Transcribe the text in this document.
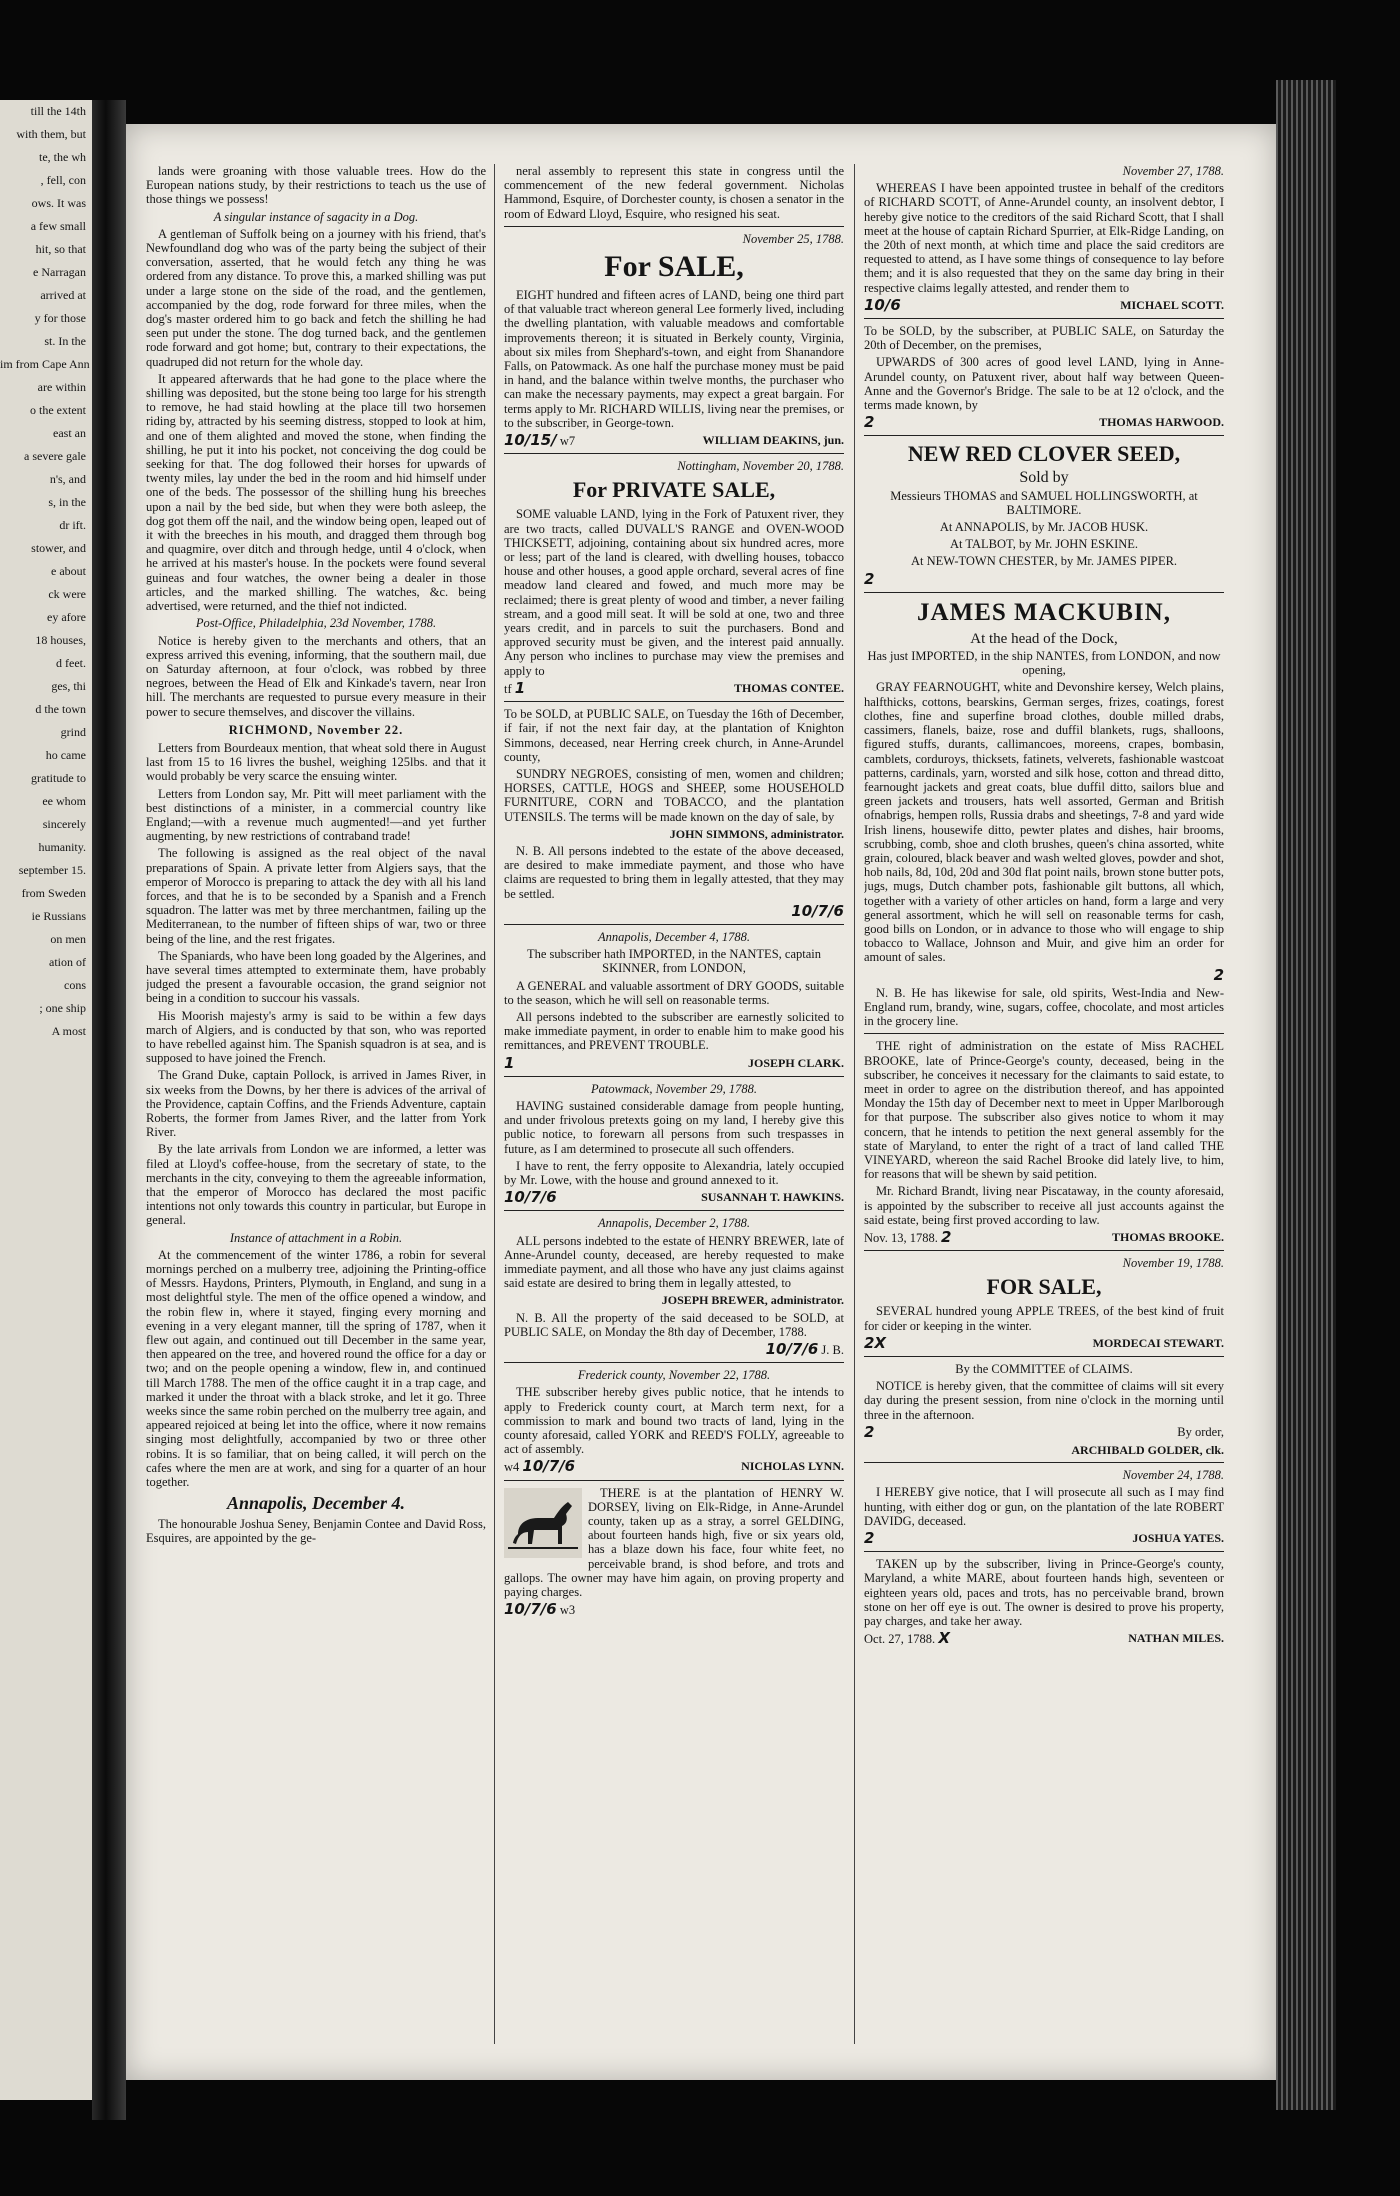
till the 14th
with them, but
te, the wh
, fell, con
ows. It was
a few small
hit, so that
e Narragan
arrived at
y for those
st. In the
im from Cape Ann
are within
o the extent
east an
a severe gale
n's, and
s, in the
dr ift.
stower, and
e about
ck were
ey afore
18 houses,
d feet.
ges, thi
d the town
grind
ho came
gratitude to
ee whom
sincerely
humanity.
september 15.
from Sweden
ie Russians
on men
ation of
cons
; one ship
A most

lands were groaning with those valuable trees. How do the European nations study, by their restrictions to teach us the use of those things we possess!

A singular instance of sagacity in a Dog.

A gentleman of Suffolk being on a journey with his friend, that's Newfoundland dog who was of the party being the subject of their conversation, asserted, that he would fetch any thing he was ordered from any distance. To prove this, a marked shilling was put under a large stone on the side of the road, and the gentlemen, accompanied by the dog, rode forward for three miles, when the dog's master ordered him to go back and fetch the shilling he had seen put under the stone. The dog turned back, and the gentlemen rode forward and got home; but, contrary to their expectations, the quadruped did not return for the whole day.

It appeared afterwards that he had gone to the place where the shilling was deposited, but the stone being too large for his strength to remove, he had staid howling at the place till two horsemen riding by, attracted by his seeming distress, stopped to look at him, and one of them alighted and moved the stone, when finding the shilling, he put it into his pocket, not conceiving the dog could be seeking for that. The dog followed their horses for upwards of twenty miles, lay under the bed in the room and hid himself under one of the beds. The possessor of the shilling hung his breeches upon a nail by the bed side, but when they were both asleep, the dog got them off the nail, and the window being open, leaped out of it with the breeches in his mouth, and dragged them through bog and quagmire, over ditch and through hedge, until 4 o'clock, when he arrived at his master's house. In the pockets were found several guineas and four watches, the owner being a dealer in those articles, and the marked shilling. The watches, &c. being advertised, were returned, and the thief not indicted.

Post-Office, Philadelphia, 23d November, 1788.

Notice is hereby given to the merchants and others, that an express arrived this evening, informing, that the southern mail, due on Saturday afternoon, at four o'clock, was robbed by three negroes, between the Head of Elk and Kinkade's tavern, near Iron hill. The merchants are requested to pursue every measure in their power to secure themselves, and discover the villains.

RICHMOND, November 22.

Letters from Bourdeaux mention, that wheat sold there in August last from 15 to 16 livres the bushel, weighing 125lbs. and that it would probably be very scarce the ensuing winter.

Letters from London say, Mr. Pitt will meet parliament with the best distinctions of a minister, in a commercial country like England;—with a revenue much augmented!—and yet further augmenting, by new restrictions of contraband trade!

The following is assigned as the real object of the naval preparations of Spain. A private letter from Algiers says, that the emperor of Morocco is preparing to attack the dey with all his land forces, and that he is to be seconded by a Spanish and a French squadron. The latter was met by three merchantmen, failing up the Mediterranean, to the number of fifteen ships of war, two or three being of the line, and the rest frigates.

The Spaniards, who have been long goaded by the Algerines, and have several times attempted to exterminate them, have probably judged the present a favourable occasion, the grand seignior not being in a condition to succour his vassals.

His Moorish majesty's army is said to be within a few days march of Algiers, and is conducted by that son, who was reported to have rebelled against him. The Spanish squadron is at sea, and is supposed to have joined the French.

The Grand Duke, captain Pollock, is arrived in James River, in six weeks from the Downs, by her there is advices of the arrival of the Providence, captain Coffins, and the Friends Adventure, captain Roberts, the former from James River, and the latter from York River.

By the late arrivals from London we are informed, a letter was filed at Lloyd's coffee-house, from the secretary of state, to the merchants in the city, conveying to them the agreeable information, that the emperor of Morocco has declared the most pacific intentions not only towards this country in particular, but Europe in general.

Instance of attachment in a Robin.

At the commencement of the winter 1786, a robin for several mornings perched on a mulberry tree, adjoining the Printing-office of Messrs. Haydons, Printers, Plymouth, in England, and sung in a most delightful style. The men of the office opened a window, and the robin flew in, where it stayed, finging every morning and evening in a very elegant manner, till the spring of 1787, when it flew out again, and continued out till December in the same year, then appeared on the tree, and hovered round the office for a day or two; and on the people opening a window, flew in, and continued till March 1788. The men of the office caught it in a trap cage, and marked it under the throat with a black stroke, and let it go. Three weeks since the same robin perched on the mulberry tree again, and appeared rejoiced at being let into the office, where it now remains singing most delightfully, accompanied by two or three other robins. It is so familiar, that on being called, it will perch on the cafes where the men are at work, and sing for a quarter of an hour together.

Annapolis, December 4.

The honourable Joshua Seney, Benjamin Contee and David Ross, Esquires, are appointed by the ge-

neral assembly to represent this state in congress until the commencement of the new federal government. Nicholas Hammond, Esquire, of Dorchester county, is chosen a senator in the room of Edward Lloyd, Esquire, who resigned his seat.

November 25, 1788.

For SALE,

EIGHT hundred and fifteen acres of LAND, being one third part of that valuable tract whereon general Lee formerly lived, including the dwelling plantation, with valuable meadows and comfortable improvements thereon; it is situated in Berkely county, Virginia, about six miles from Shephard's-town, and eight from Shanandore Falls, on Patowmack. As one half the purchase money must be paid in hand, and the balance within twelve months, the purchaser who can make the necessary payments, may expect a great bargain. For terms apply to Mr. RICHARD WILLIS, living near the premises, or to the subscriber, in George-town.

10/15/ w7	WILLIAM DEAKINS, jun.

Nottingham, November 20, 1788.

For PRIVATE SALE,

SOME valuable LAND, lying in the Fork of Patuxent river, they are two tracts, called DUVALL'S RANGE and OVEN-WOOD THICKSETT, adjoining, containing about six hundred acres, more or less; part of the land is cleared, with dwelling houses, tobacco house and other houses, a good apple orchard, several acres of fine meadow land cleared and fowed, and much more may be reclaimed; there is great plenty of wood and timber, a never failing stream, and a good mill seat. It will be sold at one, two and three years credit, and in parcels to suit the purchasers. Bond and approved security must be given, and the interest paid annually. Any person who inclines to purchase may view the premises and apply to

tf 1	THOMAS CONTEE.

To be SOLD, at PUBLIC SALE, on Tuesday the 16th of December, if fair, if not the next fair day, at the plantation of Knighton Simmons, deceased, near Herring creek church, in Anne-Arundel county,

SUNDRY NEGROES, consisting of men, women and children; HORSES, CATTLE, HOGS and SHEEP, some HOUSEHOLD FURNITURE, CORN and TOBACCO, and the plantation UTENSILS. The terms will be made known on the day of sale, by

JOHN SIMMONS, administrator.

N. B. All persons indebted to the estate of the above deceased, are desired to make immediate payment, and those who have claims are requested to bring them in legally attested, that they may be settled.

10/7/6

Annapolis, December 4, 1788.

The subscriber hath IMPORTED, in the NANTES, captain SKINNER, from LONDON,

A GENERAL and valuable assortment of DRY GOODS, suitable to the season, which he will sell on reasonable terms.

All persons indebted to the subscriber are earnestly solicited to make immediate payment, in order to enable him to make good his remittances, and PREVENT TROUBLE.

1	JOSEPH CLARK.

Patowmack, November 29, 1788.

HAVING sustained considerable damage from people hunting, and under frivolous pretexts going on my land, I hereby give this public notice, to forewarn all persons from such trespasses in future, as I am determined to prosecute all such offenders.

I have to rent, the ferry opposite to Alexandria, lately occupied by Mr. Lowe, with the house and ground annexed to it.

10/7/6	SUSANNAH T. HAWKINS.

Annapolis, December 2, 1788.

ALL persons indebted to the estate of HENRY BREWER, late of Anne-Arundel county, deceased, are hereby requested to make immediate payment, and all those who have any just claims against said estate are desired to bring them in legally attested, to

JOSEPH BREWER, administrator.

N. B. All the property of the said deceased to be SOLD, at PUBLIC SALE, on Monday the 8th day of December, 1788.

10/7/6 J. B.

Frederick county, November 22, 1788.

THE subscriber hereby gives public notice, that he intends to apply to Frederick county court, at March term next, for a commission to mark and bound two tracts of land, lying in the county aforesaid, called YORK and REED'S FOLLY, agreeable to act of assembly.

w4 10/7/6	NICHOLAS LYNN.

THERE is at the plantation of HENRY W. DORSEY, living on Elk-Ridge, in Anne-Arundel county, taken up as a stray, a sorrel GELDING, about fourteen hands high, five or six years old, has a blaze down his face, four white feet, no perceivable brand, is shod before, and trots and gallops. The owner may have him again, on proving property and paying charges.

10/7/6 w3

November 27, 1788.

WHEREAS I have been appointed trustee in behalf of the creditors of RICHARD SCOTT, of Anne-Arundel county, an insolvent debtor, I hereby give notice to the creditors of the said Richard Scott, that I shall meet at the house of captain Richard Spurrier, at Elk-Ridge Landing, on the 20th of next month, at which time and place the said creditors are requested to attend, as I have some things of consequence to lay before them; and it is also requested that they on the same day bring in their respective claims legally attested, and render them to

10/6	MICHAEL SCOTT.

To be SOLD, by the subscriber, at PUBLIC SALE, on Saturday the 20th of December, on the premises,

UPWARDS of 300 acres of good level LAND, lying in Anne-Arundel county, on Patuxent river, about half way between Queen-Anne and the Governor's Bridge. The sale to be at 12 o'clock, and the terms made known, by

2	THOMAS HARWOOD.

NEW RED CLOVER SEED,

Sold by

Messieurs THOMAS and SAMUEL HOLLINGSWORTH, at BALTIMORE.

At ANNAPOLIS, by Mr. JACOB HUSK.

At TALBOT, by Mr. JOHN ESKINE.

At NEW-TOWN CHESTER, by Mr. JAMES PIPER.

2

JAMES MACKUBIN,

At the head of the Dock,

Has just IMPORTED, in the ship NANTES, from LONDON, and now opening,

GRAY FEARNOUGHT, white and Devonshire kersey, Welch plains, halfthicks, cottons, bearskins, German serges, frizes, coatings, forest clothes, fine and superfine broad clothes, double milled drabs, cassimers, flanels, baize, rose and duffil blankets, rugs, shalloons, figured stuffs, durants, callimancoes, moreens, crapes, bombasin, camblets, corduroys, thicksets, fatinets, velverets, fashionable wastcoat patterns, cardinals, yarn, worsted and silk hose, cotton and thread ditto, fearnought jackets and great coats, blue duffil ditto, sailors blue and green jackets and trousers, hats well assorted, German and British ofnabrigs, hempen rolls, Russia drabs and sheetings, 7-8 and yard wide Irish linens, housewife ditto, pewter plates and dishes, hair brooms, scrubbing, comb, shoe and cloth brushes, queen's china assorted, white grain, coloured, black beaver and wash welted gloves, powder and shot, hob nails, 8d, 10d, 20d and 30d flat point nails, brown stone butter pots, jugs, mugs, Dutch chamber pots, fashionable gilt buttons, all which, together with a variety of other articles on hand, form a large and very general assortment, which he will sell on reasonable terms for cash, good bills on London, or in advance to those who will engage to ship tobacco to Wallace, Johnson and Muir, and give him an order for amount of sales.

2

N. B. He has likewise for sale, old spirits, West-India and New-England rum, brandy, wine, sugars, coffee, chocolate, and most articles in the grocery line.

THE right of administration on the estate of Miss RACHEL BROOKE, late of Prince-George's county, deceased, being in the subscriber, he conceives it necessary for the claimants to said estate, to meet in order to agree on the distribution thereof, and has appointed Monday the 15th day of December next to meet in Upper Marlborough for that purpose. The subscriber also gives notice to whom it may concern, that he intends to petition the next general assembly for the state of Maryland, to enter the right of a tract of land called THE VINEYARD, whereon the said Rachel Brooke did lately live, to him, for reasons that will be shewn by said petition.

Mr. Richard Brandt, living near Piscataway, in the county aforesaid, is appointed by the subscriber to receive all just accounts against the said estate, being first proved according to law.

Nov. 13, 1788. 2	THOMAS BROOKE.

November 19, 1788.

FOR SALE,

SEVERAL hundred young APPLE TREES, of the best kind of fruit for cider or keeping in the winter.

2X	MORDECAI STEWART.

By the COMMITTEE of CLAIMS.

NOTICE is hereby given, that the committee of claims will sit every day during the present session, from nine o'clock in the morning until three in the afternoon.

2	By order,

ARCHIBALD GOLDER, clk.

November 24, 1788.

I HEREBY give notice, that I will prosecute all such as I may find hunting, with either dog or gun, on the plantation of the late ROBERT DAVIDG, deceased.

2	JOSHUA YATES.

TAKEN up by the subscriber, living in Prince-George's county, Maryland, a white MARE, about fourteen hands high, seventeen or eighteen years old, paces and trots, has no perceivable brand, brown stone on her off eye is out. The owner is desired to prove his property, pay charges, and take her away.

Oct. 27, 1788. X	NATHAN MILES.
